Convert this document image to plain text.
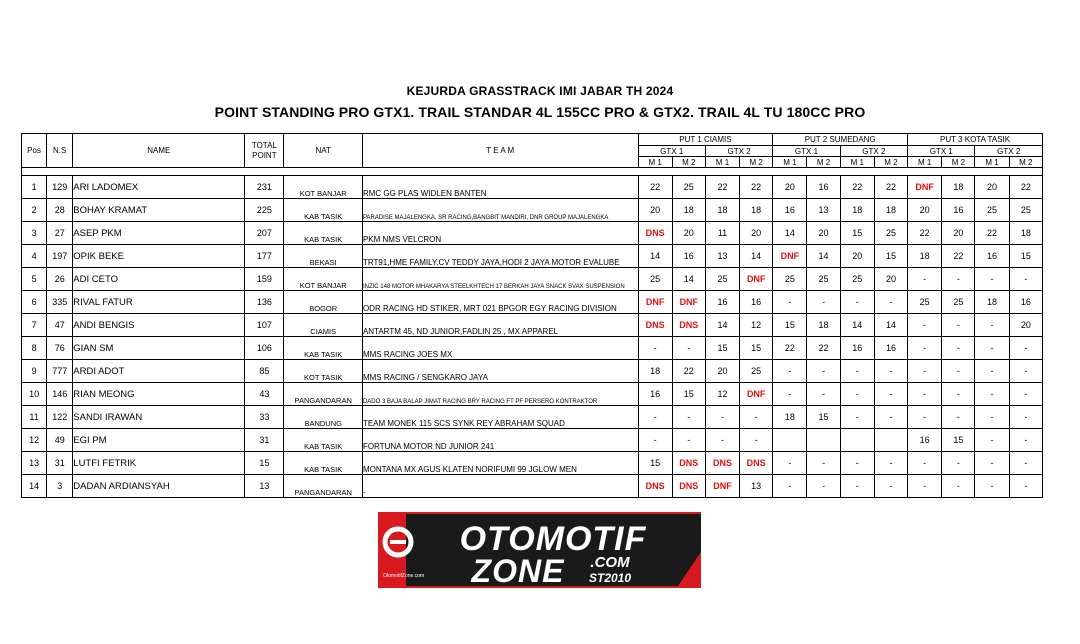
KEJURDA GRASSTRACK IMI JABAR TH 2024
POINT STANDING PRO GTX1. TRAIL STANDAR 4L 155CC PRO & GTX2. TRAIL 4L TU 180CC PRO
Pos	N.S	NAME	TOTAL POINT	NAT	T E A M	PUT 1 CIAMIS				PUT 2 SUMEDANG				PUT 3 KOTA TASIK			
						GTX 1		GTX 2		GTX 1		GTX 2		GTX 1		GTX 2	
						M 1	M 2	M 1	M 2	M 1	M 2	M 1	M 2	M 1	M 2	M 1	M 2

1	129	ARI LADOMEX	231	KOT BANJAR	RMC GG PLAS WIDLEN BANTEN	22	25	22	22	20	16	22	22	DNF	18	20	22
2	28	BOHAY KRAMAT	225	KAB TASIK	PARADISE MAJALENGKA, SR RACING,BANGBIT MANDIRI, DNR GROUP MAJALENGKA	20	18	18	18	16	13	18	18	20	16	25	25
3	27	ASEP PKM	207	KAB TASIK	PKM NMS VELCRON	DNS	20	11	20	14	20	15	25	22	20	22	18
4	197	OPIK BEKE	177	BEKASI	TRT91,HME FAMILY,CV TEDDY JAYA,HODI 2 JAYA MOTOR EVALUBE	14	16	13	14	DNF	14	20	15	18	22	16	15
5	26	ADI CETO	159	KOT BANJAR	INZIC 148 MOTOR MHAKARYA STEELKHTECH 17 BERKAH JAYA SNACK SVAX SUSPENSION	25	14	25	DNF	25	25	25	20	-	-	-	-
6	335	RIVAL FATUR	136	BOGOR	ODR RACING HD STIKER, MRT 021 BPGOR EGY RACING DIVISION	DNF	DNF	16	16	-	-	-	-	25	25	18	16
7	47	ANDI BENGIS	107	CIAMIS	ANTARTM 45, ND JUNIOR,FADLIN 25 , MX APPAREL	DNS	DNS	14	12	15	18	14	14	-	-	-	20
8	76	GIAN SM	106	KAB TASIK	MMS RACING JOES MX	-	-	15	15	22	22	16	16	-	-	-	-
9	777	ARDI ADOT	85	KOT TASIK	MMS RACING / SENGKARO JAYA	18	22	20	25	-	-	-	-	-	-	-	-
10	146	RIAN MEONG	43	PANGANDARAN	DADO 3 BAJA BALAP JIMAT RACING BRY RACING FT PF PERSERO KONTRAKTOR	16	15	12	DNF	-	-	-	-	-	-	-	-
11	122	SANDI IRAWAN	33	BANDUNG	TEAM MONEK 115 SCS SYNK REY ABRAHAM SQUAD	-	-	-	-	18	15	-	-	-	-	-	-
12	49	EGI PM	31	KAB TASIK	FORTUNA MOTOR ND JUNIOR 241	-	-	-	-					16	15	-	-
13	31	LUTFI FETRIK	15	KAB TASIK	MONTANA MX AGUS KLATEN NORIFUMI 99 JGLOW MEN	15	DNS	DNS	DNS	-	-	-	-	-	-	-	-
14	3	DADAN ARDIANSYAH	13	PANGANDARAN	-	DNS	DNS	DNF	13	-	-	-	-	-	-	-	-
OtomotifZone.com
OTOMOTIF
ZONE .COM
ST2010
